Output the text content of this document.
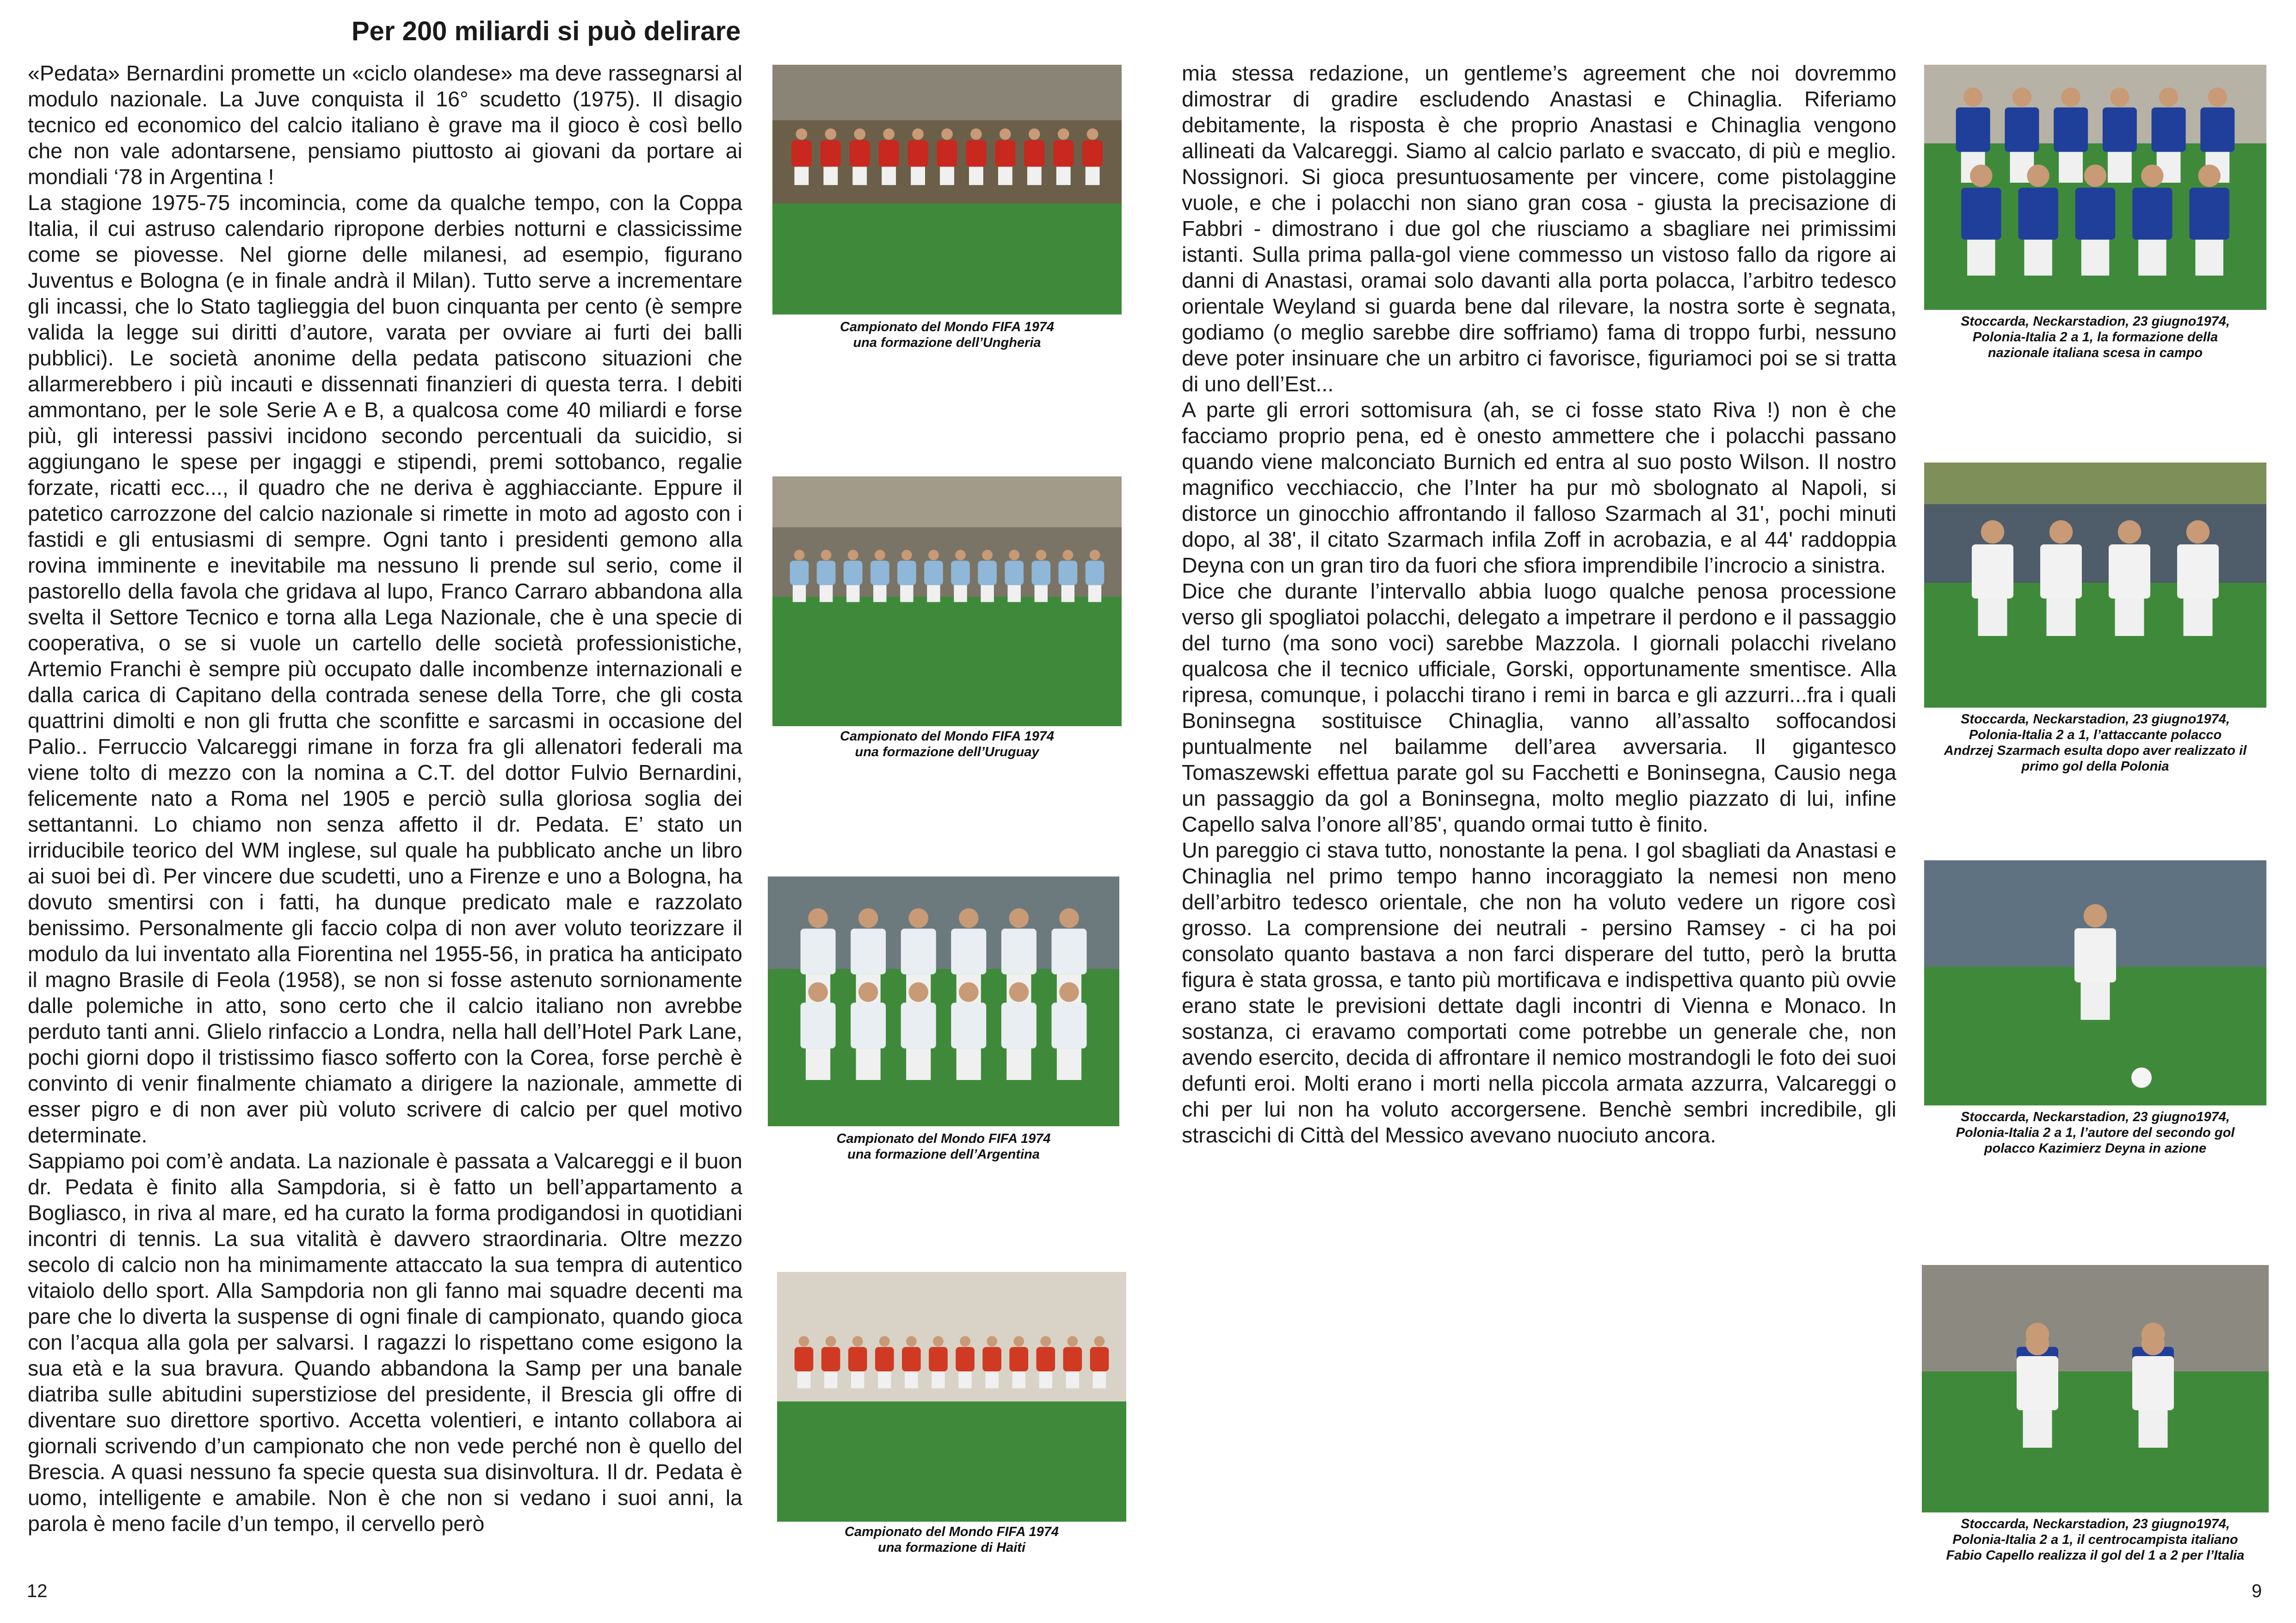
Per 200 miliardi si può delirare

«Pedata» Bernardini promette un «ciclo olandese» ma deve rassegnarsi al modulo nazionale. La Juve conquista il 16° scudetto (1975). Il disagio tecnico ed economico del calcio italiano è grave ma il gioco è così bello che non vale adontarsene, pensiamo piuttosto ai giovani da portare ai mondiali ‘78 in Argentina !

La stagione 1975-75 incomincia, come da qualche tempo, con la Coppa Italia, il cui astruso calendario ripropone derbies notturni e classicissime come se piovesse. Nel giorne delle milanesi, ad esempio, figurano Juventus e Bologna (e in finale andrà il Milan). Tutto serve a incrementare gli incassi, che lo Stato taglieggia del buon cinquanta per cento (è sempre valida la legge sui diritti d’autore, varata per ovviare ai furti dei balli pubblici). Le società anonime della pedata patiscono situazioni che allarmerebbero i più incauti e dissennati finanzieri di questa terra. I debiti ammontano, per le sole Serie A e B, a qualcosa come 40 miliardi e forse più, gli interessi passivi incidono secondo percentuali da suicidio, si aggiungano le spese per ingaggi e stipendi, premi sottobanco, regalie forzate, ricatti ecc..., il quadro che ne deriva è agghiacciante. Eppure il patetico carrozzone del calcio nazionale si rimette in moto ad agosto con i fastidi e gli entusiasmi di sempre. Ogni tanto i presidenti gemono alla rovina imminente e inevitabile ma nessuno li prende sul serio, come il pastorello della favola che gridava al lupo, Franco Carraro abbandona alla svelta il Settore Tecnico e torna alla Lega Nazionale, che è una specie di cooperativa, o se si vuole un cartello delle società professionistiche, Artemio Franchi è sempre più occupato dalle incombenze internazionali e dalla carica di Capitano della contrada senese della Torre, che gli costa quattrini dimolti e non gli frutta che sconfitte e sarcasmi in occasione del Palio.. Ferruccio Valcareggi rimane in forza fra gli allenatori federali ma viene tolto di mezzo con la nomina a C.T. del dottor Fulvio Bernardini, felicemente nato a Roma nel 1905 e perciò sulla gloriosa soglia dei settantanni. Lo chiamo non senza affetto il dr. Pedata. E’ stato un irriducibile teorico del WM inglese, sul quale ha pubblicato anche un libro ai suoi bei dì. Per vincere due scudetti, uno a Firenze e uno a Bologna, ha dovuto smentirsi con i fatti, ha dunque predicato male e razzolato benissimo. Personalmente gli faccio colpa di non aver voluto teorizzare il modulo da lui inventato alla Fiorentina nel 1955-56, in pratica ha anticipato il magno Brasile di Feola (1958), se non si fosse astenuto sornionamente dalle polemiche in atto, sono certo che il calcio italiano non avrebbe perduto tanti anni. Glielo rinfaccio a Londra, nella hall dell’Hotel Park Lane, pochi giorni dopo il tristissimo fiasco sofferto con la Corea, forse perchè è convinto di venir finalmente chiamato a dirigere la nazionale, ammette di esser pigro e di non aver più voluto scrivere di calcio per quel motivo determinate.

Sappiamo poi com’è andata. La nazionale è passata a Valcareggi e il buon dr. Pedata è finito alla Sampdoria, si è fatto un bell’appartamento a Bogliasco, in riva al mare, ed ha curato la forma prodigandosi in quotidiani incontri di tennis. La sua vitalità è davvero straordinaria. Oltre mezzo secolo di calcio non ha minimamente attaccato la sua tempra di autentico vitaiolo dello sport. Alla Sampdoria non gli fanno mai squadre decenti ma pare che lo diverta la suspense di ogni finale di campionato, quando gioca con l’acqua alla gola per salvarsi. I ragazzi lo rispettano come esigono la sua età e la sua bravura. Quando abbandona la Samp per una banale diatriba sulle abitudini superstiziose del presidente, il Brescia gli offre di diventare suo direttore sportivo. Accetta volentieri, e intanto collabora ai giornali scrivendo d’un campionato che non vede perché non è quello del Brescia. A quasi nessuno fa specie questa sua disinvoltura. Il dr. Pedata è uomo, intelligente e amabile. Non è che non si vedano i suoi anni, la parola è meno facile d’un tempo, il cervello però

mia stessa redazione, un gentleme’s agreement che noi dovremmo dimostrar di gradire escludendo Anastasi e Chinaglia. Riferiamo debitamente, la risposta è che proprio Anastasi e Chinaglia vengono allineati da Valcareggi. Siamo al calcio parlato e svaccato, di più e meglio. Nossignori. Si gioca presuntuosamente per vincere, come pistolaggine vuole, e che i polacchi non siano gran cosa - giusta la precisazione di Fabbri - dimostrano i due gol che riusciamo a sbagliare nei primissimi istanti. Sulla prima palla-gol viene commesso un vistoso fallo da rigore ai danni di Anastasi, oramai solo davanti alla porta polacca, l’arbitro tedesco orientale Weyland si guarda bene dal rilevare, la nostra sorte è segnata, godiamo (o meglio sarebbe dire soffriamo) fama di troppo furbi, nessuno deve poter insinuare che un arbitro ci favorisce, figuriamoci poi se si tratta di uno dell’Est...

A parte gli errori sottomisura (ah, se ci fosse stato Riva !) non è che facciamo proprio pena, ed è onesto ammettere che i polacchi passano quando viene malconciato Burnich ed entra al suo posto Wilson. Il nostro magnifico vecchiaccio, che l’Inter ha pur mò sbolognato al Napoli, si distorce un ginocchio affrontando il falloso Szarmach al 31', pochi minuti dopo, al 38', il citato Szarmach infila Zoff in acrobazia, e al 44' raddoppia Deyna con un gran tiro da fuori che sfiora imprendibile l’incrocio a sinistra.

Dice che durante l’intervallo abbia luogo qualche penosa processione verso gli spogliatoi polacchi, delegato a impetrare il perdono e il passaggio del turno (ma sono voci) sarebbe Mazzola. I giornali polacchi rivelano qualcosa che il tecnico ufficiale, Gorski, opportunamente smentisce. Alla ripresa, comunque, i polacchi tirano i remi in barca e gli azzurri...fra i quali Boninsegna sostituisce Chinaglia, vanno all’assalto soffocandosi puntualmente nel bailamme dell’area avversaria. Il gigantesco Tomaszewski effettua parate gol su Facchetti e Boninsegna, Causio nega un passaggio da gol a Boninsegna, molto meglio piazzato di lui, infine Capello salva l’onore all’85', quando ormai tutto è finito.

Un pareggio ci stava tutto, nonostante la pena. I gol sbagliati da Anastasi e Chinaglia nel primo tempo hanno incoraggiato la nemesi non meno dell’arbitro tedesco orientale, che non ha voluto vedere un rigore così grosso. La comprensione dei neutrali - persino Ramsey - ci ha poi consolato quanto bastava a non farci disperare del tutto, però la brutta figura è stata grossa, e tanto più mortificava e indispettiva quanto più ovvie erano state le previsioni dettate dagli incontri di Vienna e Monaco. In sostanza, ci eravamo comportati come potrebbe un generale che, non avendo esercito, decida di affrontare il nemico mostrandogli le foto dei suoi defunti eroi. Molti erano i morti nella piccola armata azzurra, Valcareggi o chi per lui non ha voluto accorgersene. Benchè sembri incredibile, gli strascichi di Città del Messico avevano nuociuto ancora.

Campionato del Mondo FIFA 1974
una formazione dell’Ungheria
Campionato del Mondo FIFA 1974
una formazione dell’Uruguay
Campionato del Mondo FIFA 1974
una formazione dell’Argentina
Campionato del Mondo FIFA 1974
una formazione di Haiti
Stoccarda, Neckarstadion, 23 giugno1974,
Polonia-Italia 2 a 1, la formazione della
nazionale italiana scesa in campo
Stoccarda, Neckarstadion, 23 giugno1974,
Polonia-Italia 2 a 1, l’attaccante polacco
Andrzej Szarmach esulta dopo aver realizzato il
primo gol della Polonia
Stoccarda, Neckarstadion, 23 giugno1974,
Polonia-Italia 2 a 1, l’autore del secondo gol
polacco Kazimierz Deyna in azione
Stoccarda, Neckarstadion, 23 giugno1974,
Polonia-Italia 2 a 1, il centrocampista italiano
Fabio Capello realizza il gol del 1 a 2 per l’Italia
12	9
